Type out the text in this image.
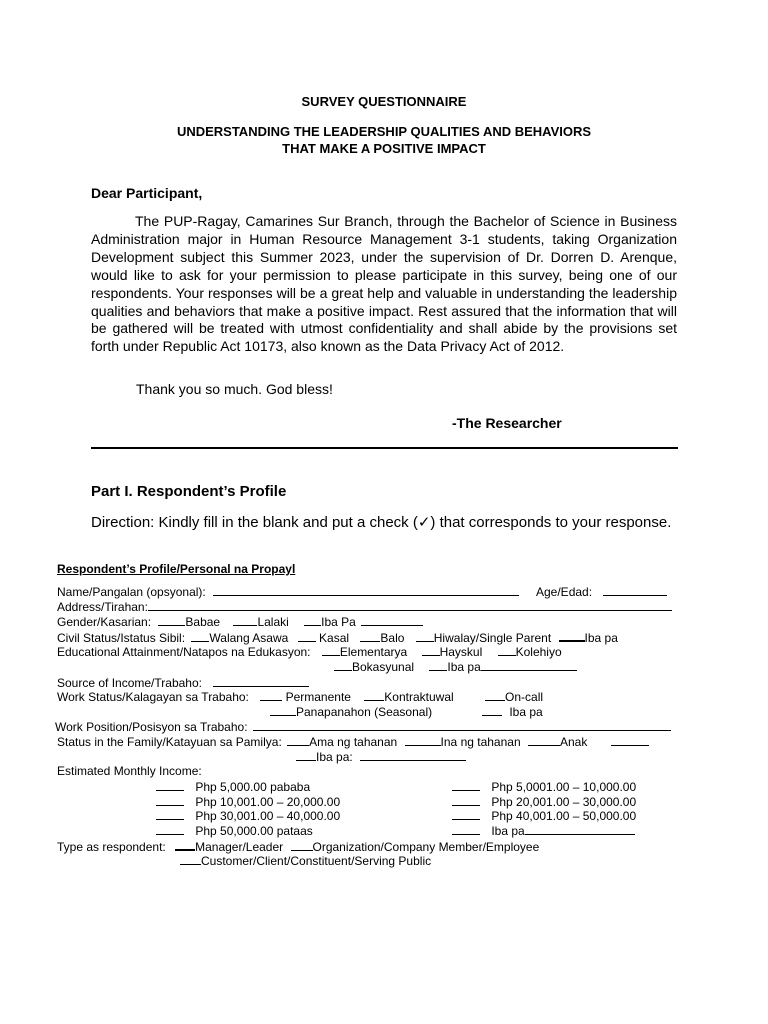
SURVEY QUESTIONNAIRE
UNDERSTANDING THE LEADERSHIP QUALITIES AND BEHAVIORS
THAT MAKE A POSITIVE IMPACT
Dear Participant,
The PUP-Ragay, Camarines Sur Branch, through the Bachelor of Science in Business Administration major in Human Resource Management 3-1 students, taking Organization Development subject this Summer 2023, under the supervision of Dr. Dorren D. Arenque, would like to ask for your permission to please participate in this survey, being one of our respondents. Your responses will be a great help and valuable in understanding the leadership qualities and behaviors that make a positive impact. Rest assured that the information that will be gathered will be treated with utmost confidentiality and shall abide by the provisions set forth under Republic Act 10173, also known as the Data Privacy Act of 2012.
Thank you so much. God bless!
-The Researcher
Part I. Respondent’s Profile
Direction: Kindly fill in the blank and put a check (✓) that corresponds to your response.
Respondent’s Profile/Personal na Propayl
Name/Pangalan (opsyonal):	Age/Edad:
Address/Tirahan:
Gender/Kasarian:	Babae	Lalaki	Iba Pa
Civil Status/Istatus Sibil: Walang Asawa	Kasal	Balo Hiwalay/Single Parent	Iba pa
Educational Attainment/Natapos na Edukasyon: Elementarya	Hayskul	Kolehiyo
Bokasyunal	Iba pa
Source of Income/Trabaho:
Work Status/Kalagayan sa Trabaho:	Permanente	Kontraktuwal	On-call
Panapanahon (Seasonal)	Iba pa
Work Position/Posisyon sa Trabaho:
Status in the Family/Katayuan sa Pamilya: Ama ng tahanan	Ina ng tahanan	Anak
Iba pa:
Estimated Monthly Income:
Php 5,000.00 pababa	Php 5,0001.00 – 10,000.00
Php 10,001.00 – 20,000.00	Php 20,001.00 – 30,000.00
Php 30,001.00 – 40,000.00	Php 40,001.00 – 50,000.00
Php 50,000.00 pataas	Iba pa
Type as respondent: Manager/Leader Organization/Company Member/Employee
Customer/Client/Constituent/Serving Public
